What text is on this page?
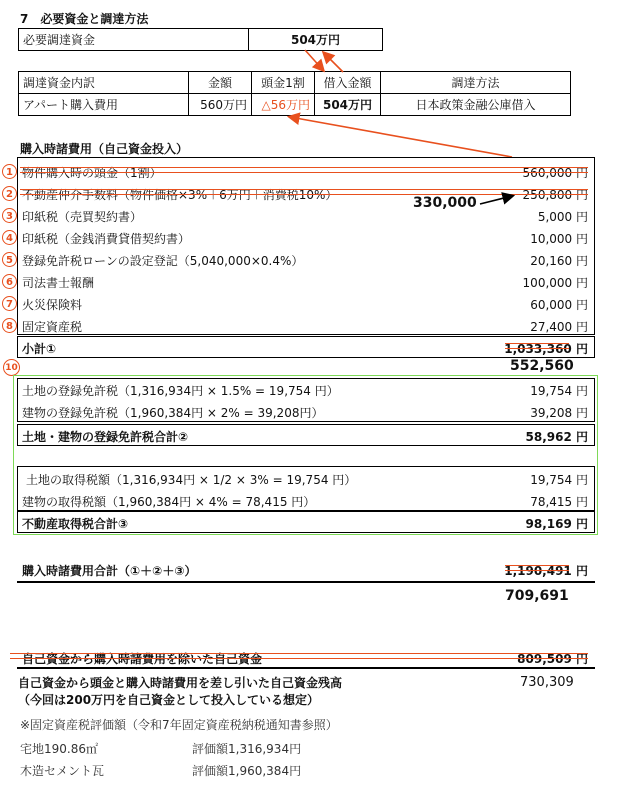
7　必要資金と調達方法
必要調達資金	504万円
調達資金内訳	金額	頭金1割	借入金額	調達方法
アパート購入費用	560万円	△56万円	504万円	日本政策金融公庫借入
購入時諸費用（自己資金投入）
1 物件購入時の頭金（1割）	560,000 円
2 不動産仲介手数料（物件価格×3%＋6万円＋消費税10%）	250,800 円
3 印紙税（売買契約書）	5,000 円
4 印紙税（金銭消費貸借契約書）	10,000 円
5 登録免許税ローンの設定登記（5,040,000×0.4%）	20,160 円
6 司法書士報酬	100,000 円
7 火災保険料	60,000 円
8 固定資産税	27,400 円
330,000
小計①	1,033,360 円
552,560
10
土地の登録免許税（1,316,934円 × 1.5% = 19,754 円）	19,754 円
建物の登録免許税（1,960,384円 × 2% = 39,208円）	39,208 円
土地・建物の登録免許税合計②	58,962 円
土地の取得税額（1,316,934円 × 1/2 × 3% = 19,754 円）	19,754 円
建物の取得税額（1,960,384円 × 4% = 78,415 円）	78,415 円
不動産取得税合計③	98,169 円
購入時諸費用合計（①＋②＋③）	1,190,491 円
709,691
自己資金から購入時諸費用を除いた自己資金	809,509 円
自己資金から頭金と購入時諸費用を差し引いた自己資金残高
（今回は200万円を自己資金として投入している想定）
730,309
※固定資産税評価額（令和7年固定資産税納税通知書参照）
宅地190.86㎡	評価額1,316,934円
木造セメント瓦	評価額1,960,384円
